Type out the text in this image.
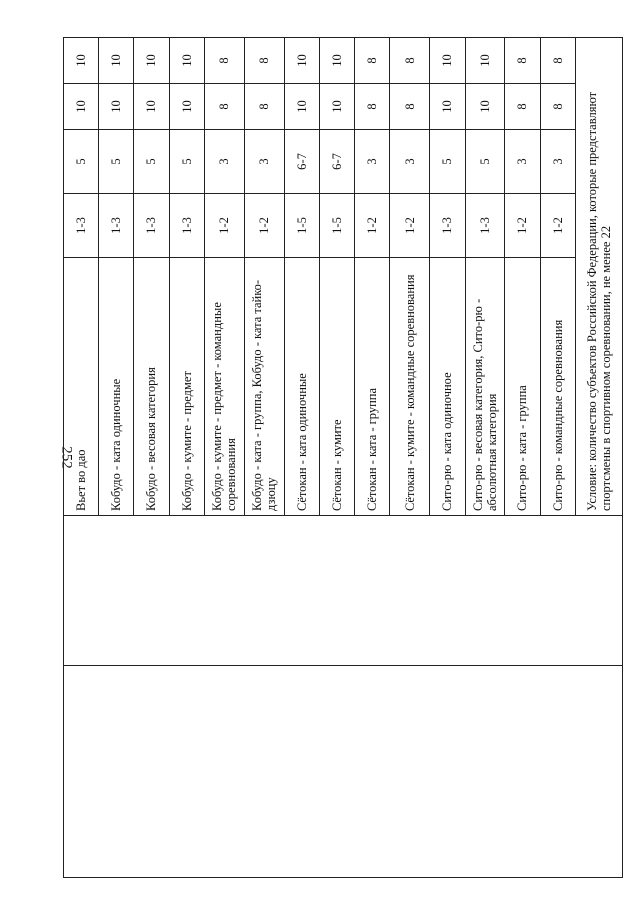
252
		Вьет во дао	1-3	5	10	10
		Кобудо - ката одиночные	1-3	5	10	10
		Кобудо - весовая категория	1-3	5	10	10
		Кобудо - кумите - предмет	1-3	5	10	10
		Кобудо - кумите - предмет - командные соревнования	1-2	3	8	8
		Кобудо - ката - группа, Кобудо - ката тайко-дзюцу	1-2	3	8	8
		Сётокан - ката одиночные	1-5	6-7	10	10
		Сётокан - кумите	1-5	6-7	10	10
		Сётокан - ката - группа	1-2	3	8	8
		Сётокан - кумите - командные соревнования	1-2	3	8	8
		Сито-рю - ката одиночное	1-3	5	10	10
		Сито-рю - весовая категория, Сито-рю - абсолютная категория	1-3	5	10	10
		Сито-рю - ката - группа	1-2	3	8	8
		Сито-рю - командные соревнования	1-2	3	8	8
		Условие: количество субъектов Российской Федерации, которые представляют спортсмены в спортивном соревновании, не менее 22				
